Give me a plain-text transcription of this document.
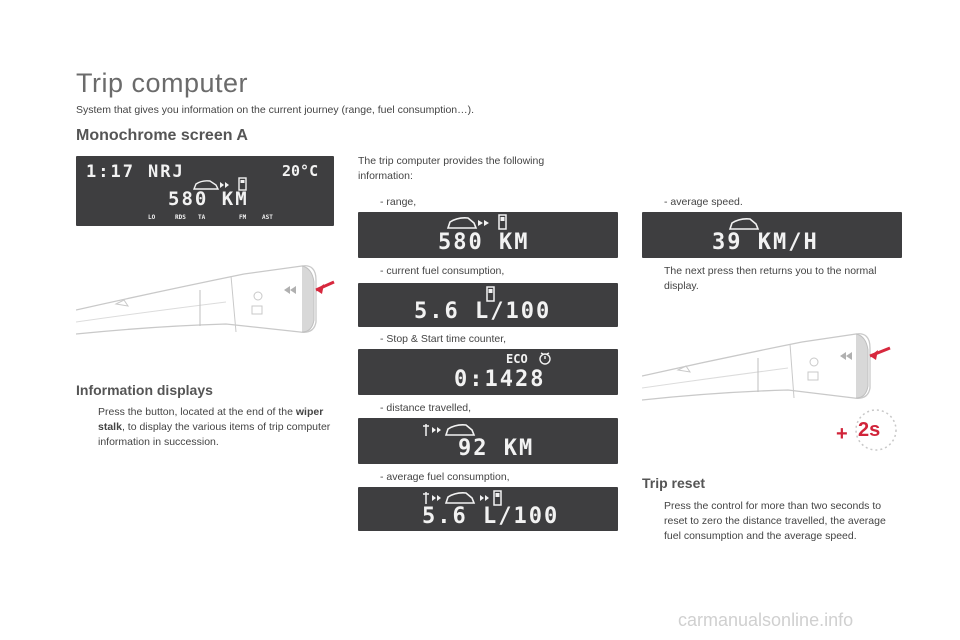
Trip computer
System that gives you information on the current journey (range, fuel consumption…).
Monochrome screen A
1:17 NRJ	20°C
580 KM
LO	RDS TA	FM	AST
Information displays
Press the button, located at the end of the wiper stalk, to display the various items of trip computer information in succession.
The trip computer provides the following information:
- range,
580 KM
- current fuel consumption,
5.6 L/100
- Stop & Start time counter,
ECO
0:1428
- distance travelled,
92 KM
- average fuel consumption,
5.6 L/100
- average speed.
39 KM/H
The next press then returns you to the normal display.
+ 2s
Trip reset
Press the control for more than two seconds to reset to zero the distance travelled, the average fuel consumption and the average speed.
carmanualsonline.info
